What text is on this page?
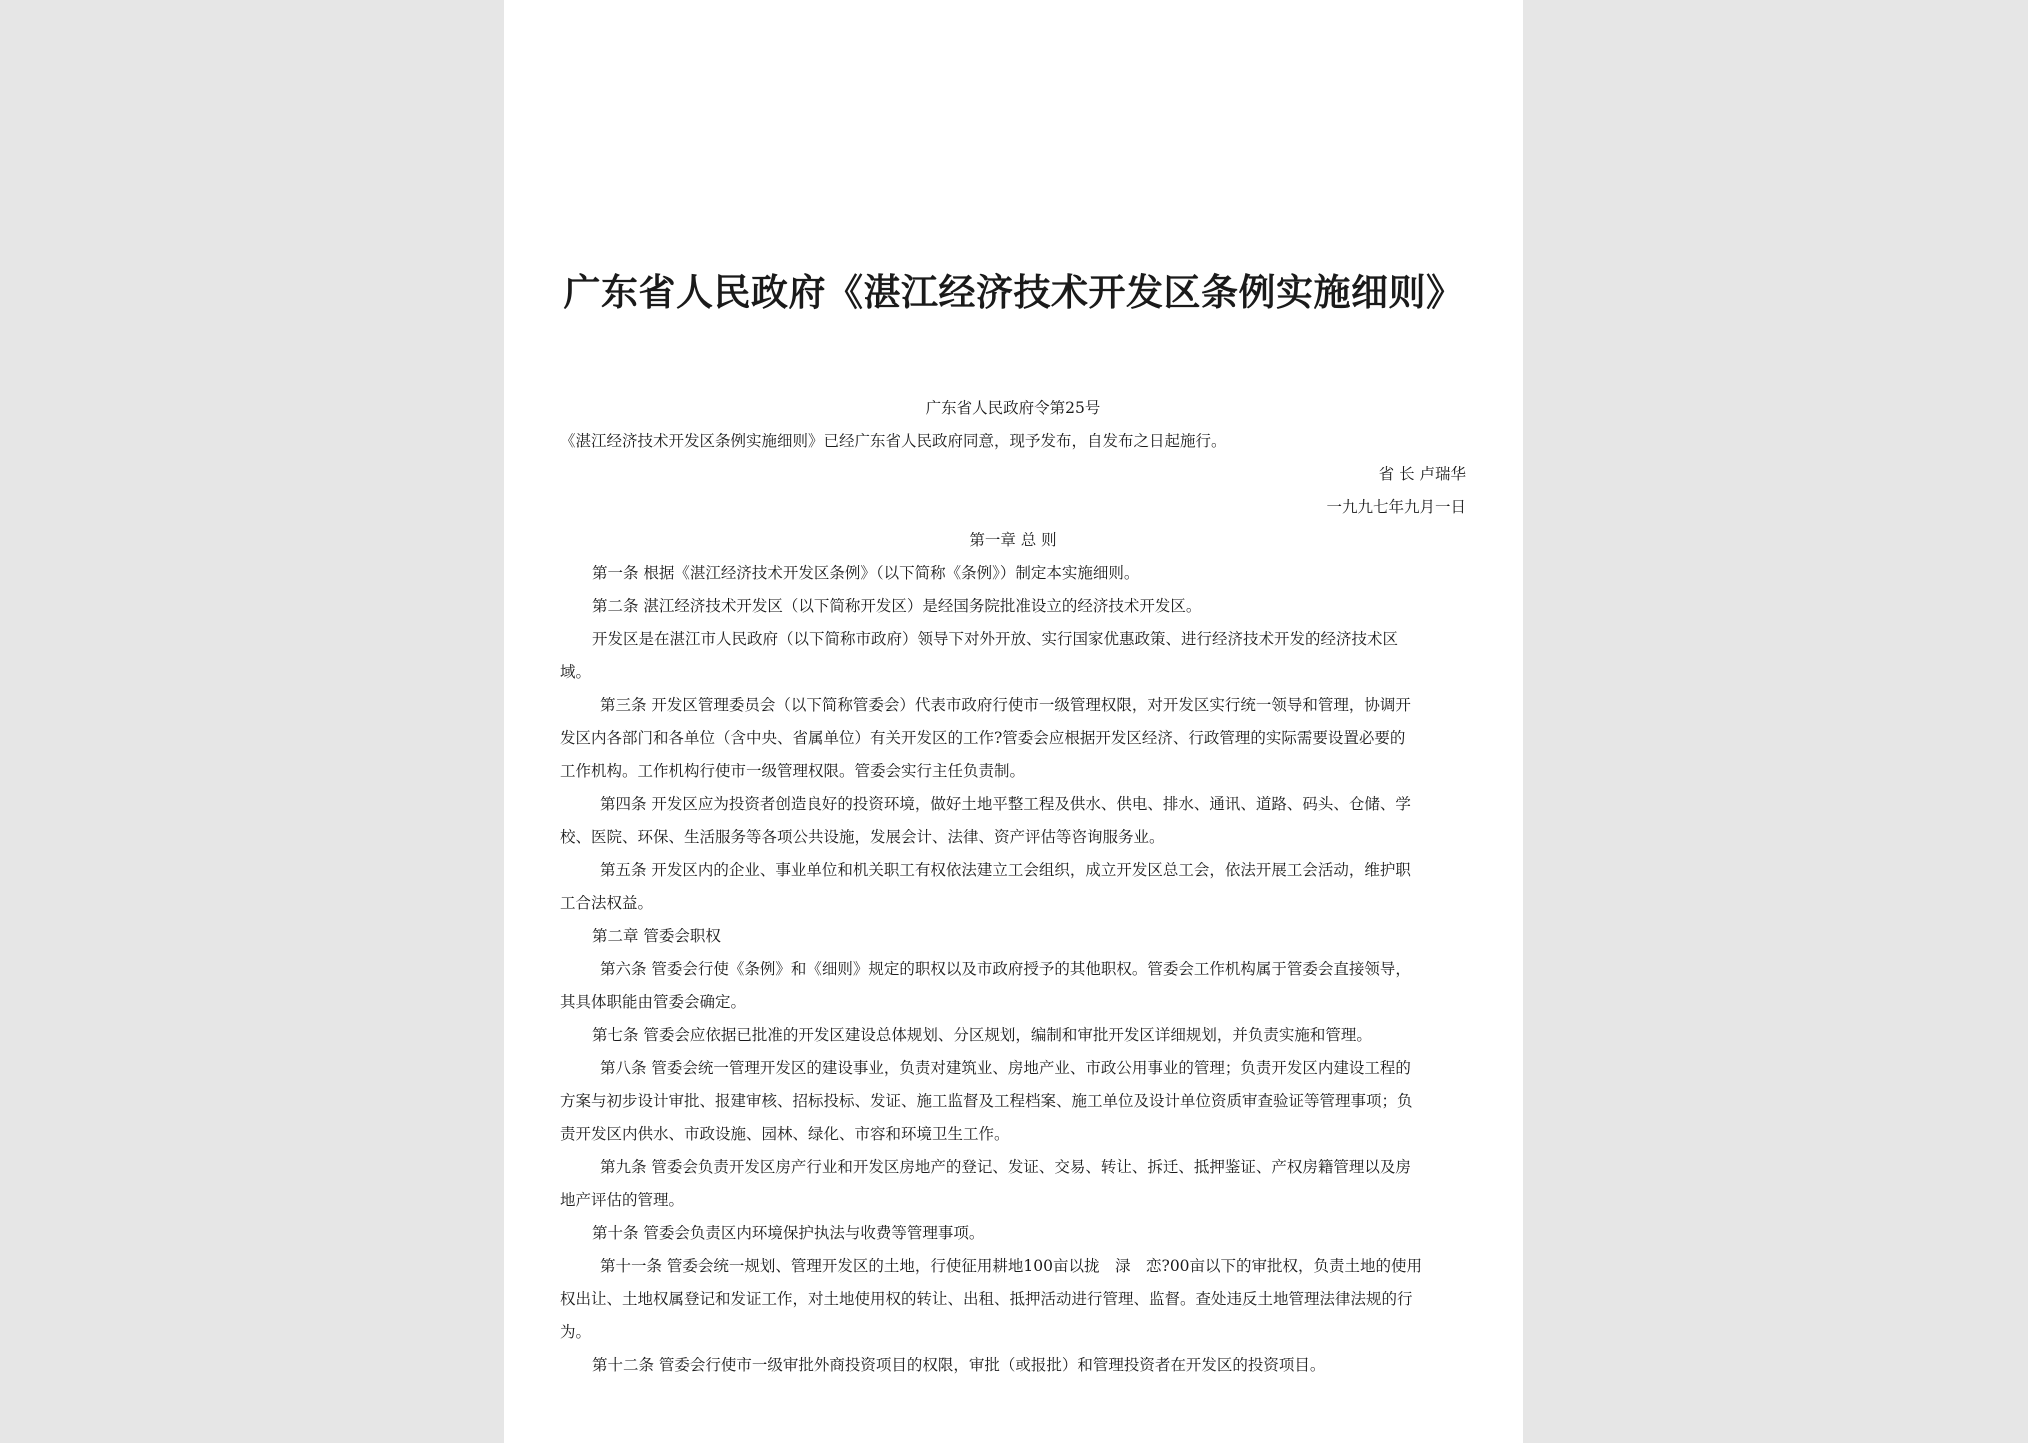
广东省人民政府《湛江经济技术开发区条例实施细则》
广东省人民政府令第25号
《湛江经济技术开发区条例实施细则》已经广东省人民政府同意，现予发布，自发布之日起施行。
省 长 卢瑞华
一九九七年九月一日
第一章 总 则
第一条 根据《湛江经济技术开发区条例》（以下简称《条例》）制定本实施细则。
第二条 湛江经济技术开发区（以下简称开发区）是经国务院批准设立的经济技术开发区。
开发区是在湛江市人民政府（以下简称市政府）领导下对外开放、实行国家优惠政策、进行经济技术开发的经济技术区
域。
第三条 开发区管理委员会（以下简称管委会）代表市政府行使市一级管理权限，对开发区实行统一领导和管理，协调开
发区内各部门和各单位（含中央、省属单位）有关开发区的工作?管委会应根据开发区经济、行政管理的实际需要设置必要的
工作机构。工作机构行使市一级管理权限。管委会实行主任负责制。
第四条 开发区应为投资者创造良好的投资环境，做好土地平整工程及供水、供电、排水、通讯、道路、码头、仓储、学
校、医院、环保、生活服务等各项公共设施，发展会计、法律、资产评估等咨询服务业。
第五条 开发区内的企业、事业单位和机关职工有权依法建立工会组织，成立开发区总工会，依法开展工会活动，维护职
工合法权益。
第二章 管委会职权
第六条 管委会行使《条例》和《细则》规定的职权以及市政府授予的其他职权。管委会工作机构属于管委会直接领导，
其具体职能由管委会确定。
第七条 管委会应依据已批准的开发区建设总体规划、分区规划，编制和审批开发区详细规划，并负责实施和管理。
第八条 管委会统一管理开发区的建设事业，负责对建筑业、房地产业、市政公用事业的管理；负责开发区内建设工程的
方案与初步设计审批、报建审核、招标投标、发证、施工监督及工程档案、施工单位及设计单位资质审查验证等管理事项；负
责开发区内供水、市政设施、园林、绿化、市容和环境卫生工作。
第九条 管委会负责开发区房产行业和开发区房地产的登记、发证、交易、转让、拆迁、抵押鉴证、产权房籍管理以及房
地产评估的管理。
第十条 管委会负责区内环境保护执法与收费等管理事项。
第十一条 管委会统一规划、管理开发区的土地，行使征用耕地100亩以拢　渌　恋?00亩以下的审批权，负责土地的使用
权出让、土地权属登记和发证工作，对土地使用权的转让、出租、抵押活动进行管理、监督。查处违反土地管理法律法规的行
为。
第十二条 管委会行使市一级审批外商投资项目的权限，审批（或报批）和管理投资者在开发区的投资项目。
